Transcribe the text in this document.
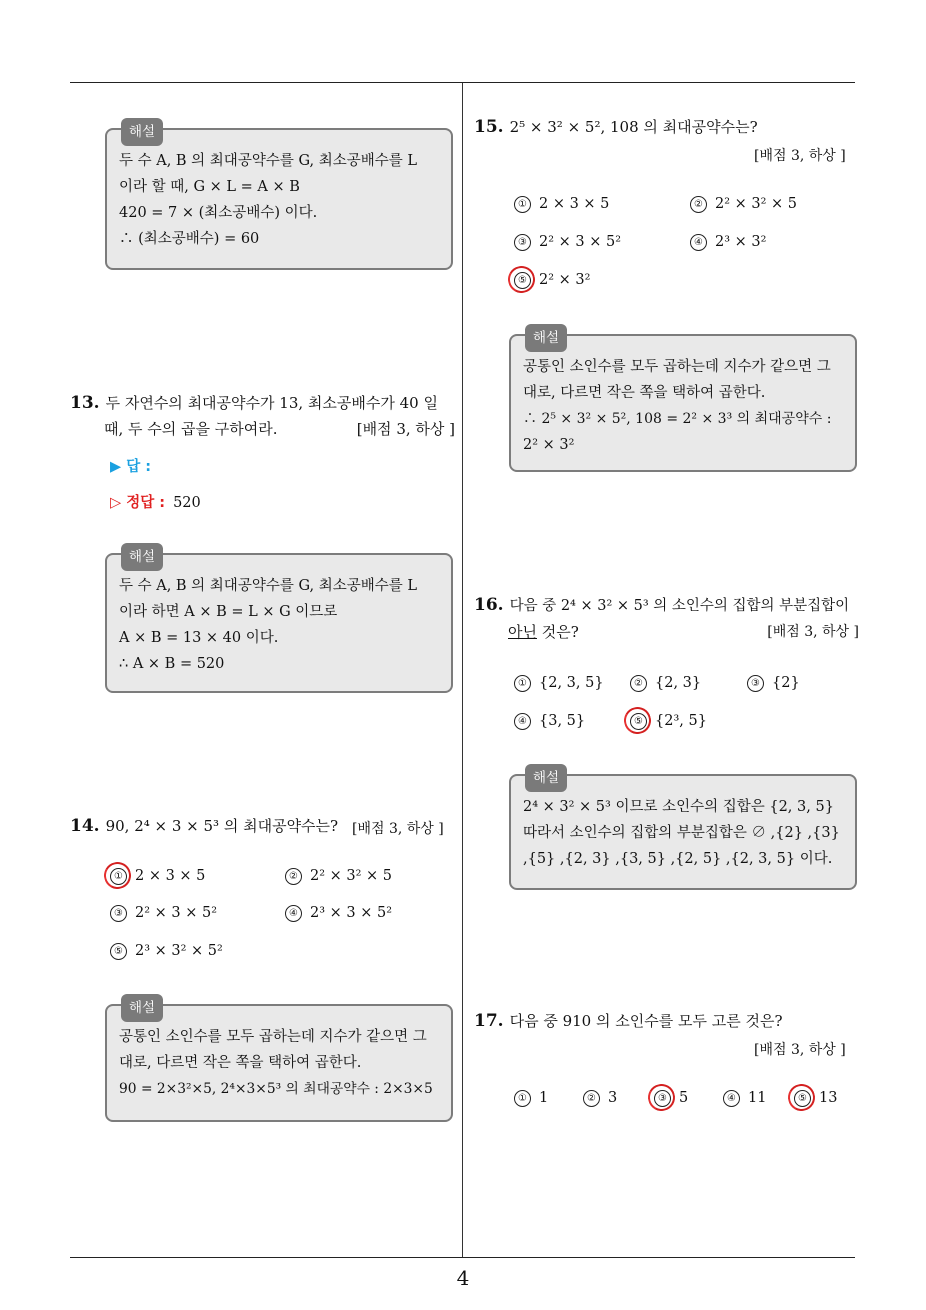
4
해설
두 수 A, B 의 최대공약수를 G, 최소공배수를 L
이라 할 때, G × L = A × B
420 = 7 × (최소공배수) 이다.
∴ (최소공배수) = 60
13. 두 자연수의 최대공약수가 13, 최소공배수가 40 일
때, 두 수의 곱을 구하여라.	[배점 3, 하상 ]
▶ 답 :
▷ 정답 : 520
해설
두 수 A, B 의 최대공약수를 G, 최소공배수를 L
이라 하면 A × B = L × G 이므로
A × B = 13 × 40 이다.
∴ A × B = 520
14. 90, 2⁴ × 3 × 5³ 의 최대공약수는? [배점 3, 하상 ]
① 2 × 3 × 5	② 2² × 3² × 5
③ 2² × 3 × 5²	④ 2³ × 3 × 5²
⑤ 2³ × 3² × 5²
해설
공통인 소인수를 모두 곱하는데 지수가 같으면 그
대로, 다르면 작은 쪽을 택하여 곱한다.
90 = 2×3²×5, 2⁴×3×5³ 의 최대공약수 : 2×3×5
15. 2⁵ × 3² × 5², 108 의 최대공약수는?
[배점 3, 하상 ]
① 2 × 3 × 5	② 2² × 3² × 5
③ 2² × 3 × 5²	④ 2³ × 3²
⑤ 2² × 3²
해설
공통인 소인수를 모두 곱하는데 지수가 같으면 그
대로, 다르면 작은 쪽을 택하여 곱한다.
∴ 2⁵ × 3² × 5², 108 = 2² × 3³ 의 최대공약수 :
2² × 3²
16. 다음 중 2⁴ × 3² × 5³ 의 소인수의 집합의 부분집합이
아닌 것은?	[배점 3, 하상 ]
① {2, 3, 5}	② {2, 3}	③ {2}
④ {3, 5}	⑤ {2³, 5}
해설
2⁴ × 3² × 5³ 이므로 소인수의 집합은 {2, 3, 5}
따라서 소인수의 집합의 부분집합은 ∅ ,{2} ,{3}
,{5} ,{2, 3} ,{3, 5} ,{2, 5} ,{2, 3, 5} 이다.
17. 다음 중 910 의 소인수를 모두 고른 것은?
[배점 3, 하상 ]
① 1	② 3	③ 5	④ 11	⑤ 13
